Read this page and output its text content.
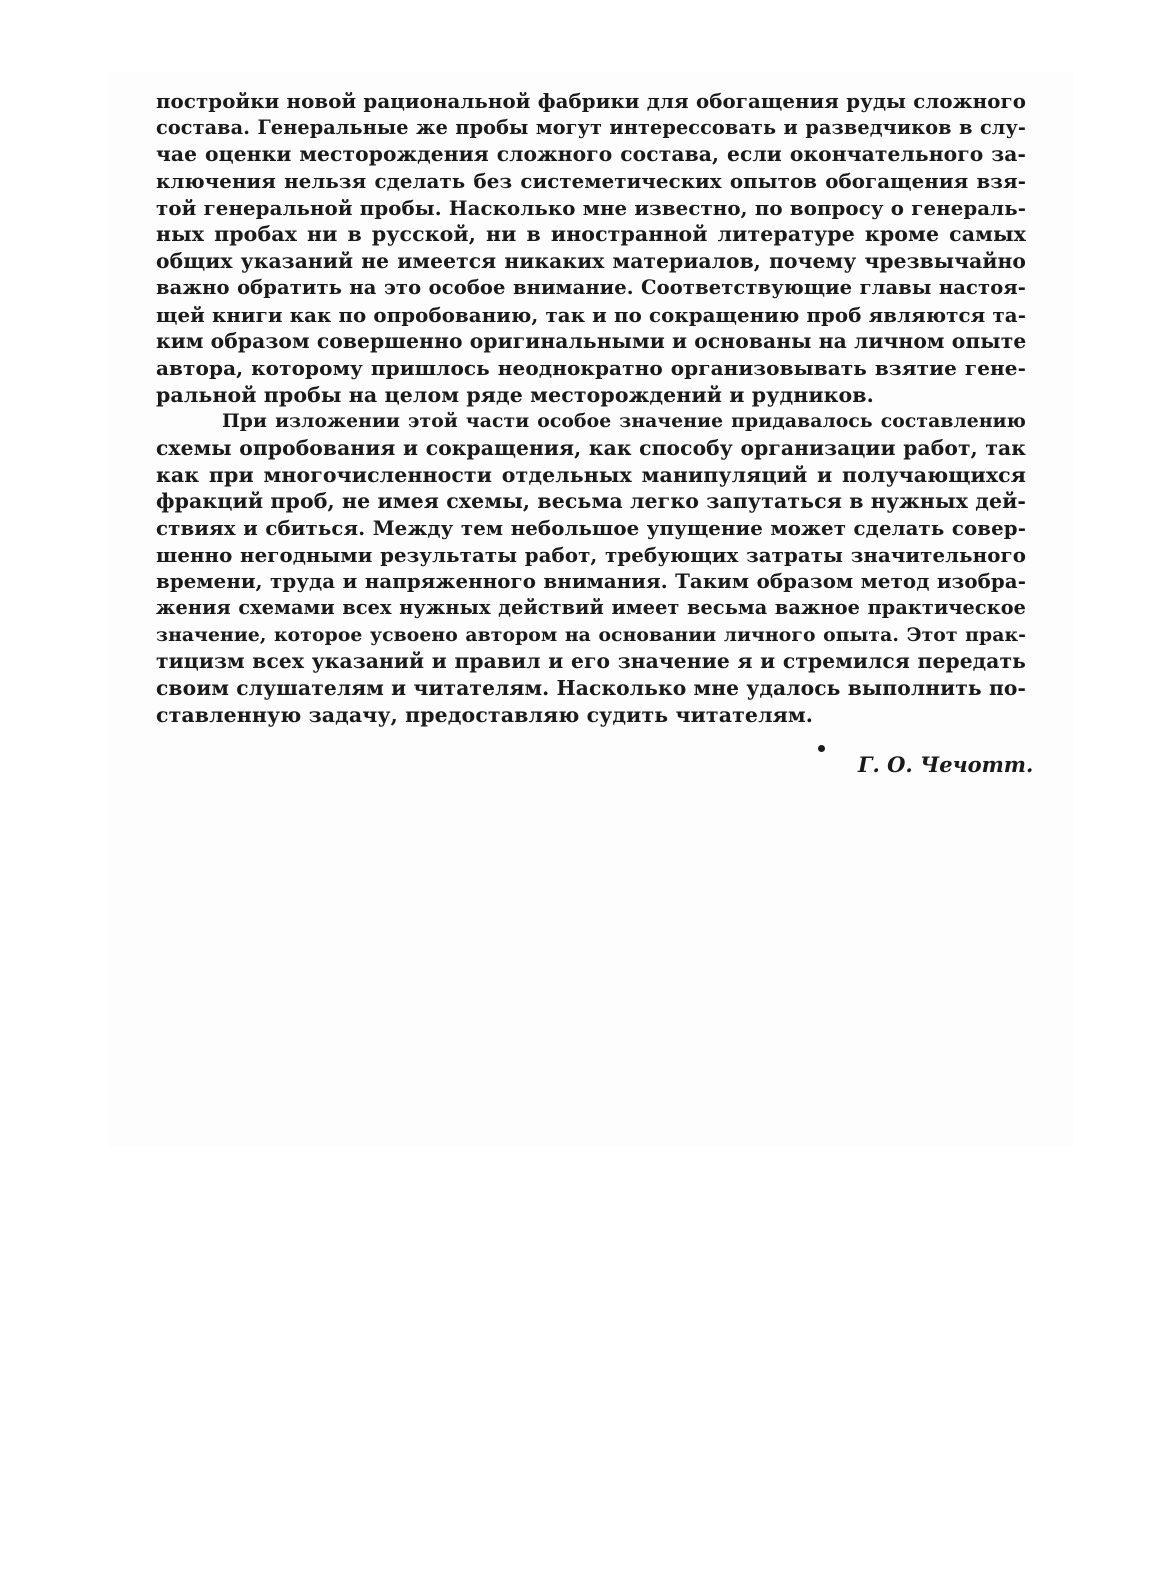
постройки новой рациональной фабрики для обогащения руды сложного
состава. Генеральные же пробы могут интерессовать и разведчиков в слу-
чае оценки месторождения сложного состава, если окончательного за-
ключения нельзя сделать без системетических опытов обогащения взя-
той генеральной пробы. Насколько мне известно, по вопросу о генераль-
ных пробах ни в русской, ни в иностранной литературе кроме самых
общих указаний не имеется никаких материалов, почему чрезвычайно
важно обратить на это особое внимание. Соответствующие главы настоя-
щей книги как по опробованию, так и по сокращению проб являются та-
ким образом совершенно оригинальными и основаны на личном опыте
автора, которому пришлось неоднократно организовывать взятие гене-
ральной пробы на целом ряде месторождений и рудников.
При изложении этой части особое значение придавалось составлению
схемы опробования и сокращения, как способу организации работ, так
как при многочисленности отдельных манипуляций и получающихся
фракций проб, не имея схемы, весьма легко запутаться в нужных дей-
ствиях и сбиться. Между тем небольшое упущение может сделать совер-
шенно негодными результаты работ, требующих затраты значительного
времени, труда и напряженного внимания. Таким образом метод изобра-
жения схемами всех нужных действий имеет весьма важное практическое
значение, которое усвоено автором на основании личного опыта. Этот прак-
тицизм всех указаний и правил и его значение я и стремился передать
своим слушателям и читателям. Насколько мне удалось выполнить по-
ставленную задачу, предоставляю судить читателям.
Г. О. Чечотт.
